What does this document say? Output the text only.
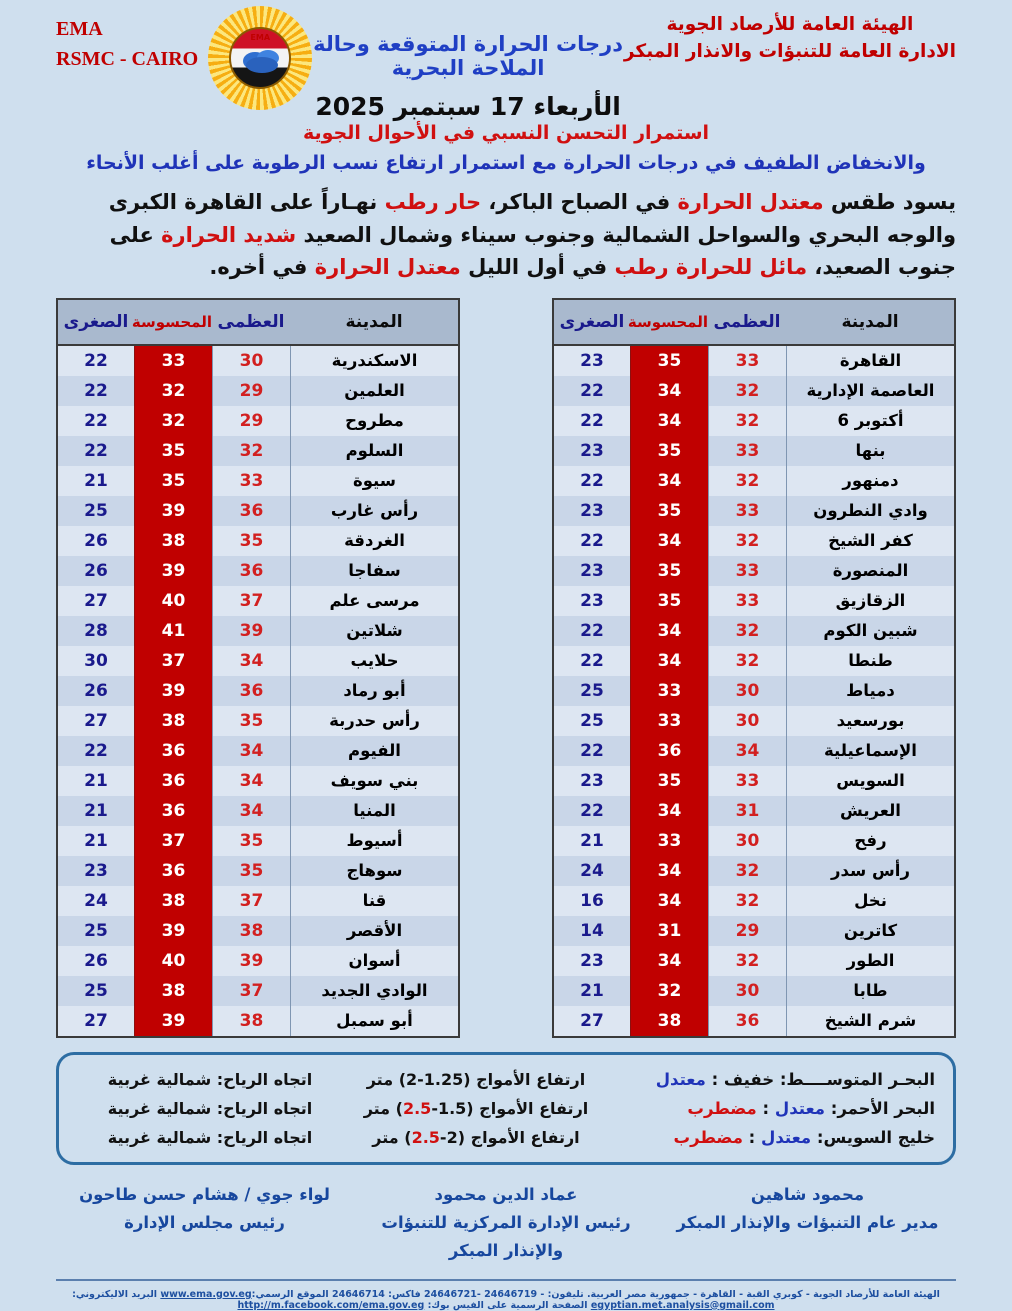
EMA
RSMC - CAIRO
EMA	درجات الحرارة المتوقعة وحالة الملاحة البحرية
الأربعاء 17 سبتمبر 2025
الهيئة العامة للأرصاد الجوية
الادارة العامة للتنبؤات والانذار المبكر
استمرار التحسن النسبي في الأحوال الجوية
والانخفاض الطفيف في درجات الحرارة مع استمرار ارتفاع نسب الرطوبة على أغلب الأنحاء
يسود طقس معتدل الحرارة في الصباح الباكر، حار رطب نهـاراً على القاهرة الكبرى والوجه البحري والسواحل الشمالية وجنوب سيناء وشمال الصعيد شديد الحرارة على جنوب الصعيد، مائل للحرارة رطب في أول الليل معتدل الحرارة في أخره.
المدينة
العظمى
المحسوسة
الصغرى
القاهرة
33
35
23
العاصمة الإدارية
32
34
22
6 أكتوبر
32
34
22
بنها
33
35
23
دمنهور
32
34
22
وادي النطرون
33
35
23
كفر الشيخ
32
34
22
المنصورة
33
35
23
الزقازيق
33
35
23
شبين الكوم
32
34
22
طنطا
32
34
22
دمياط
30
33
25
بورسعيد
30
33
25
الإسماعيلية
34
36
22
السويس
33
35
23
العريش
31
34
22
رفح
30
33
21
رأس سدر
32
34
24
نخل
32
34
16
كاترين
29
31
14
الطور
32
34
23
طابا
30
32
21
شرم الشيخ
36
38
27
المدينة
العظمى
المحسوسة
الصغرى
الاسكندرية
30
33
22
العلمين
29
32
22
مطروح
29
32
22
السلوم
32
35
22
سيوة
33
35
21
رأس غارب
36
39
25
الغردقة
35
38
26
سفاجا
36
39
26
مرسى علم
37
40
27
شلاتين
39
41
28
حلايب
34
37
30
أبو رماد
36
39
26
رأس حدربة
35
38
27
الفيوم
34
36
22
بني سويف
34
36
21
المنيا
34
36
21
أسيوط
35
37
21
سوهاج
35
36
23
قنا
37
38
24
الأقصر
38
39
25
أسوان
39
40
26
الوادي الجديد
37
38
25
أبو سمبل
38
39
27
البحـر المتوســــط: خفيف : معتدل
ارتفاع الأمواج (2-1.25) متر
اتجاه الرياح: شمالية غربية
البحر الأحمر: معتدل : مضطرب
ارتفاع الأمواج (2.5-1.5) متر
اتجاه الرياح: شمالية غربية
خليج السويس: معتدل : مضطرب
ارتفاع الأمواج (2.5-2) متر
اتجاه الرياح: شمالية غربية
محمود شاهين
مدير عام التنبؤات والإنذار المبكر
عماد الدين محمود
رئيس الإدارة المركزية للتنبؤات والإنذار المبكر
لواء جوي / هشام حسن طاحون
رئيس مجلس الإدارة
الهيئة العامة للأرصاد الجوية - كوبري القبة - القاهرة - جمهورية مصر العربية. تليفون: - 24646719 -24646721 فاكس: 24646714 الموقع الرسمي:www.ema.gov.eg البريد الاليكتروني: egyptian.met.analysis@gmail.com الصفحة الرسمية على الفيس بوك: http://m.facebook.com/ema.gov.eg
